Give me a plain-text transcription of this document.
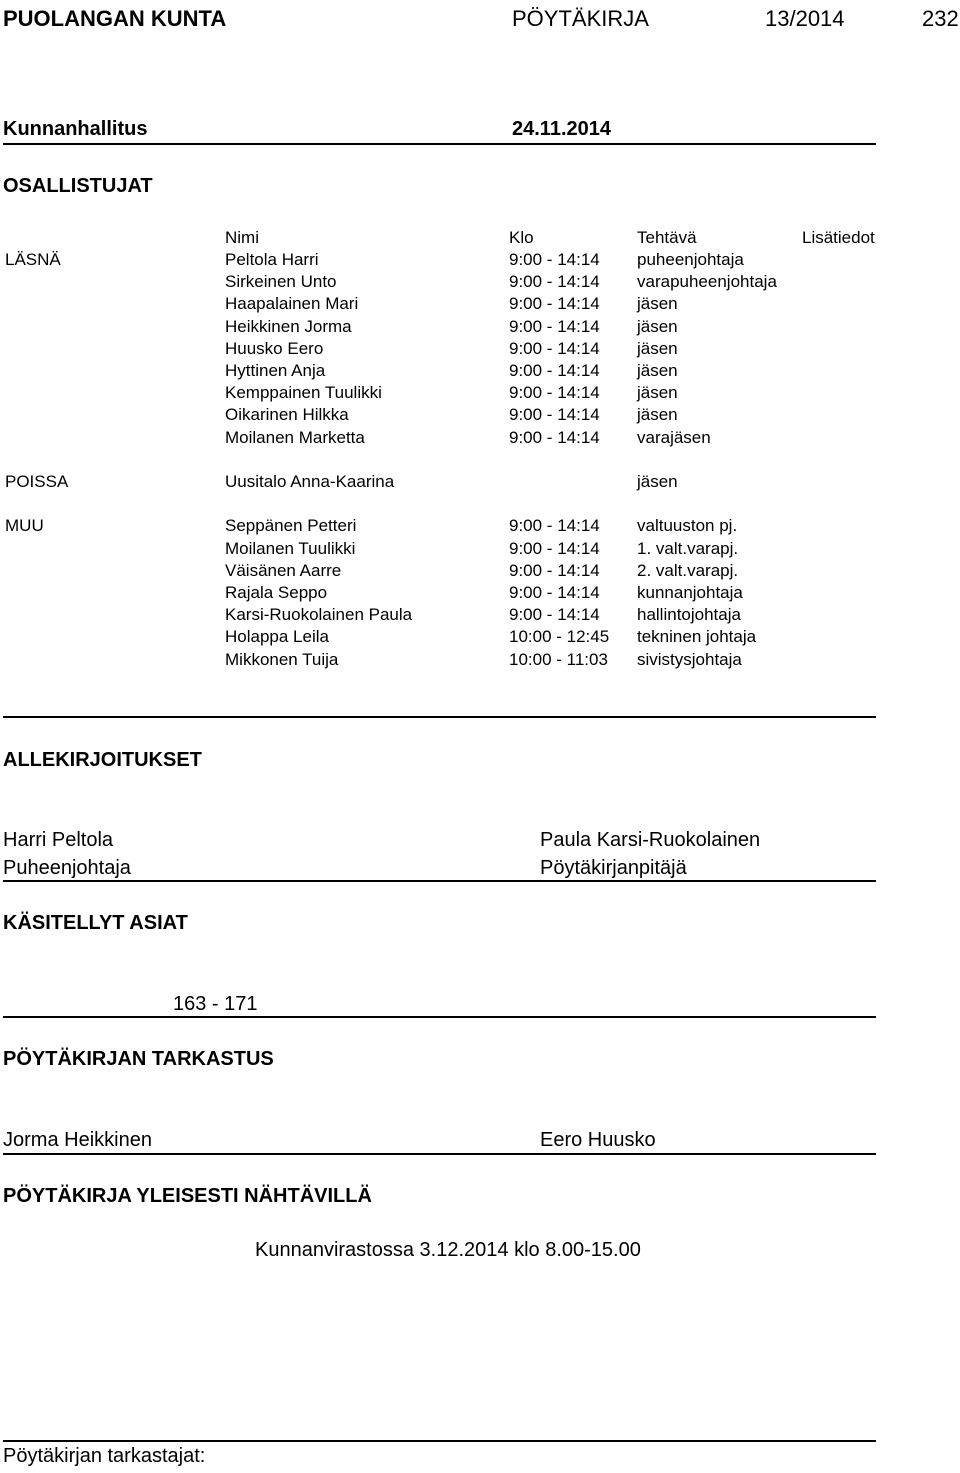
PUOLANGAN KUNTA	PÖYTÄKIRJA	13/2014	232
Kunnanhallitus	24.11.2014
OSALLISTUJAT
Nimi	Klo	Tehtävä	Lisätiedot
LÄSNÄ	Peltola Harri	9:00 - 14:14 puheenjohtaja
Sirkeinen Unto	9:00 - 14:14 varapuheenjohtaja
Haapalainen Mari	9:00 - 14:14 jäsen
Heikkinen Jorma	9:00 - 14:14 jäsen
Huusko Eero	9:00 - 14:14 jäsen
Hyttinen Anja	9:00 - 14:14 jäsen
Kemppainen Tuulikki	9:00 - 14:14 jäsen
Oikarinen Hilkka	9:00 - 14:14 jäsen
Moilanen Marketta	9:00 - 14:14 varajäsen
POISSA	Uusitalo Anna-Kaarina	jäsen
MUU	Seppänen Petteri	9:00 - 14:14 valtuuston pj.
Moilanen Tuulikki	9:00 - 14:14 1. valt.varapj.
Väisänen Aarre	9:00 - 14:14 2. valt.varapj.
Rajala Seppo	9:00 - 14:14 kunnanjohtaja
Karsi-Ruokolainen Paula	9:00 - 14:14 hallintojohtaja
Holappa Leila	10:00 - 12:45 tekninen johtaja
Mikkonen Tuija	10:00 - 11:03 sivistysjohtaja
ALLEKIRJOITUKSET
Harri Peltola
Puheenjohtaja
Paula Karsi-Ruokolainen
Pöytäkirjanpitäjä
KÄSITELLYT ASIAT
163 - 171
PÖYTÄKIRJAN TARKASTUS
Jorma Heikkinen	Eero Huusko
PÖYTÄKIRJA YLEISESTI NÄHTÄVILLÄ
Kunnanvirastossa 3.12.2014 klo 8.00-15.00
Pöytäkirjan tarkastajat:
